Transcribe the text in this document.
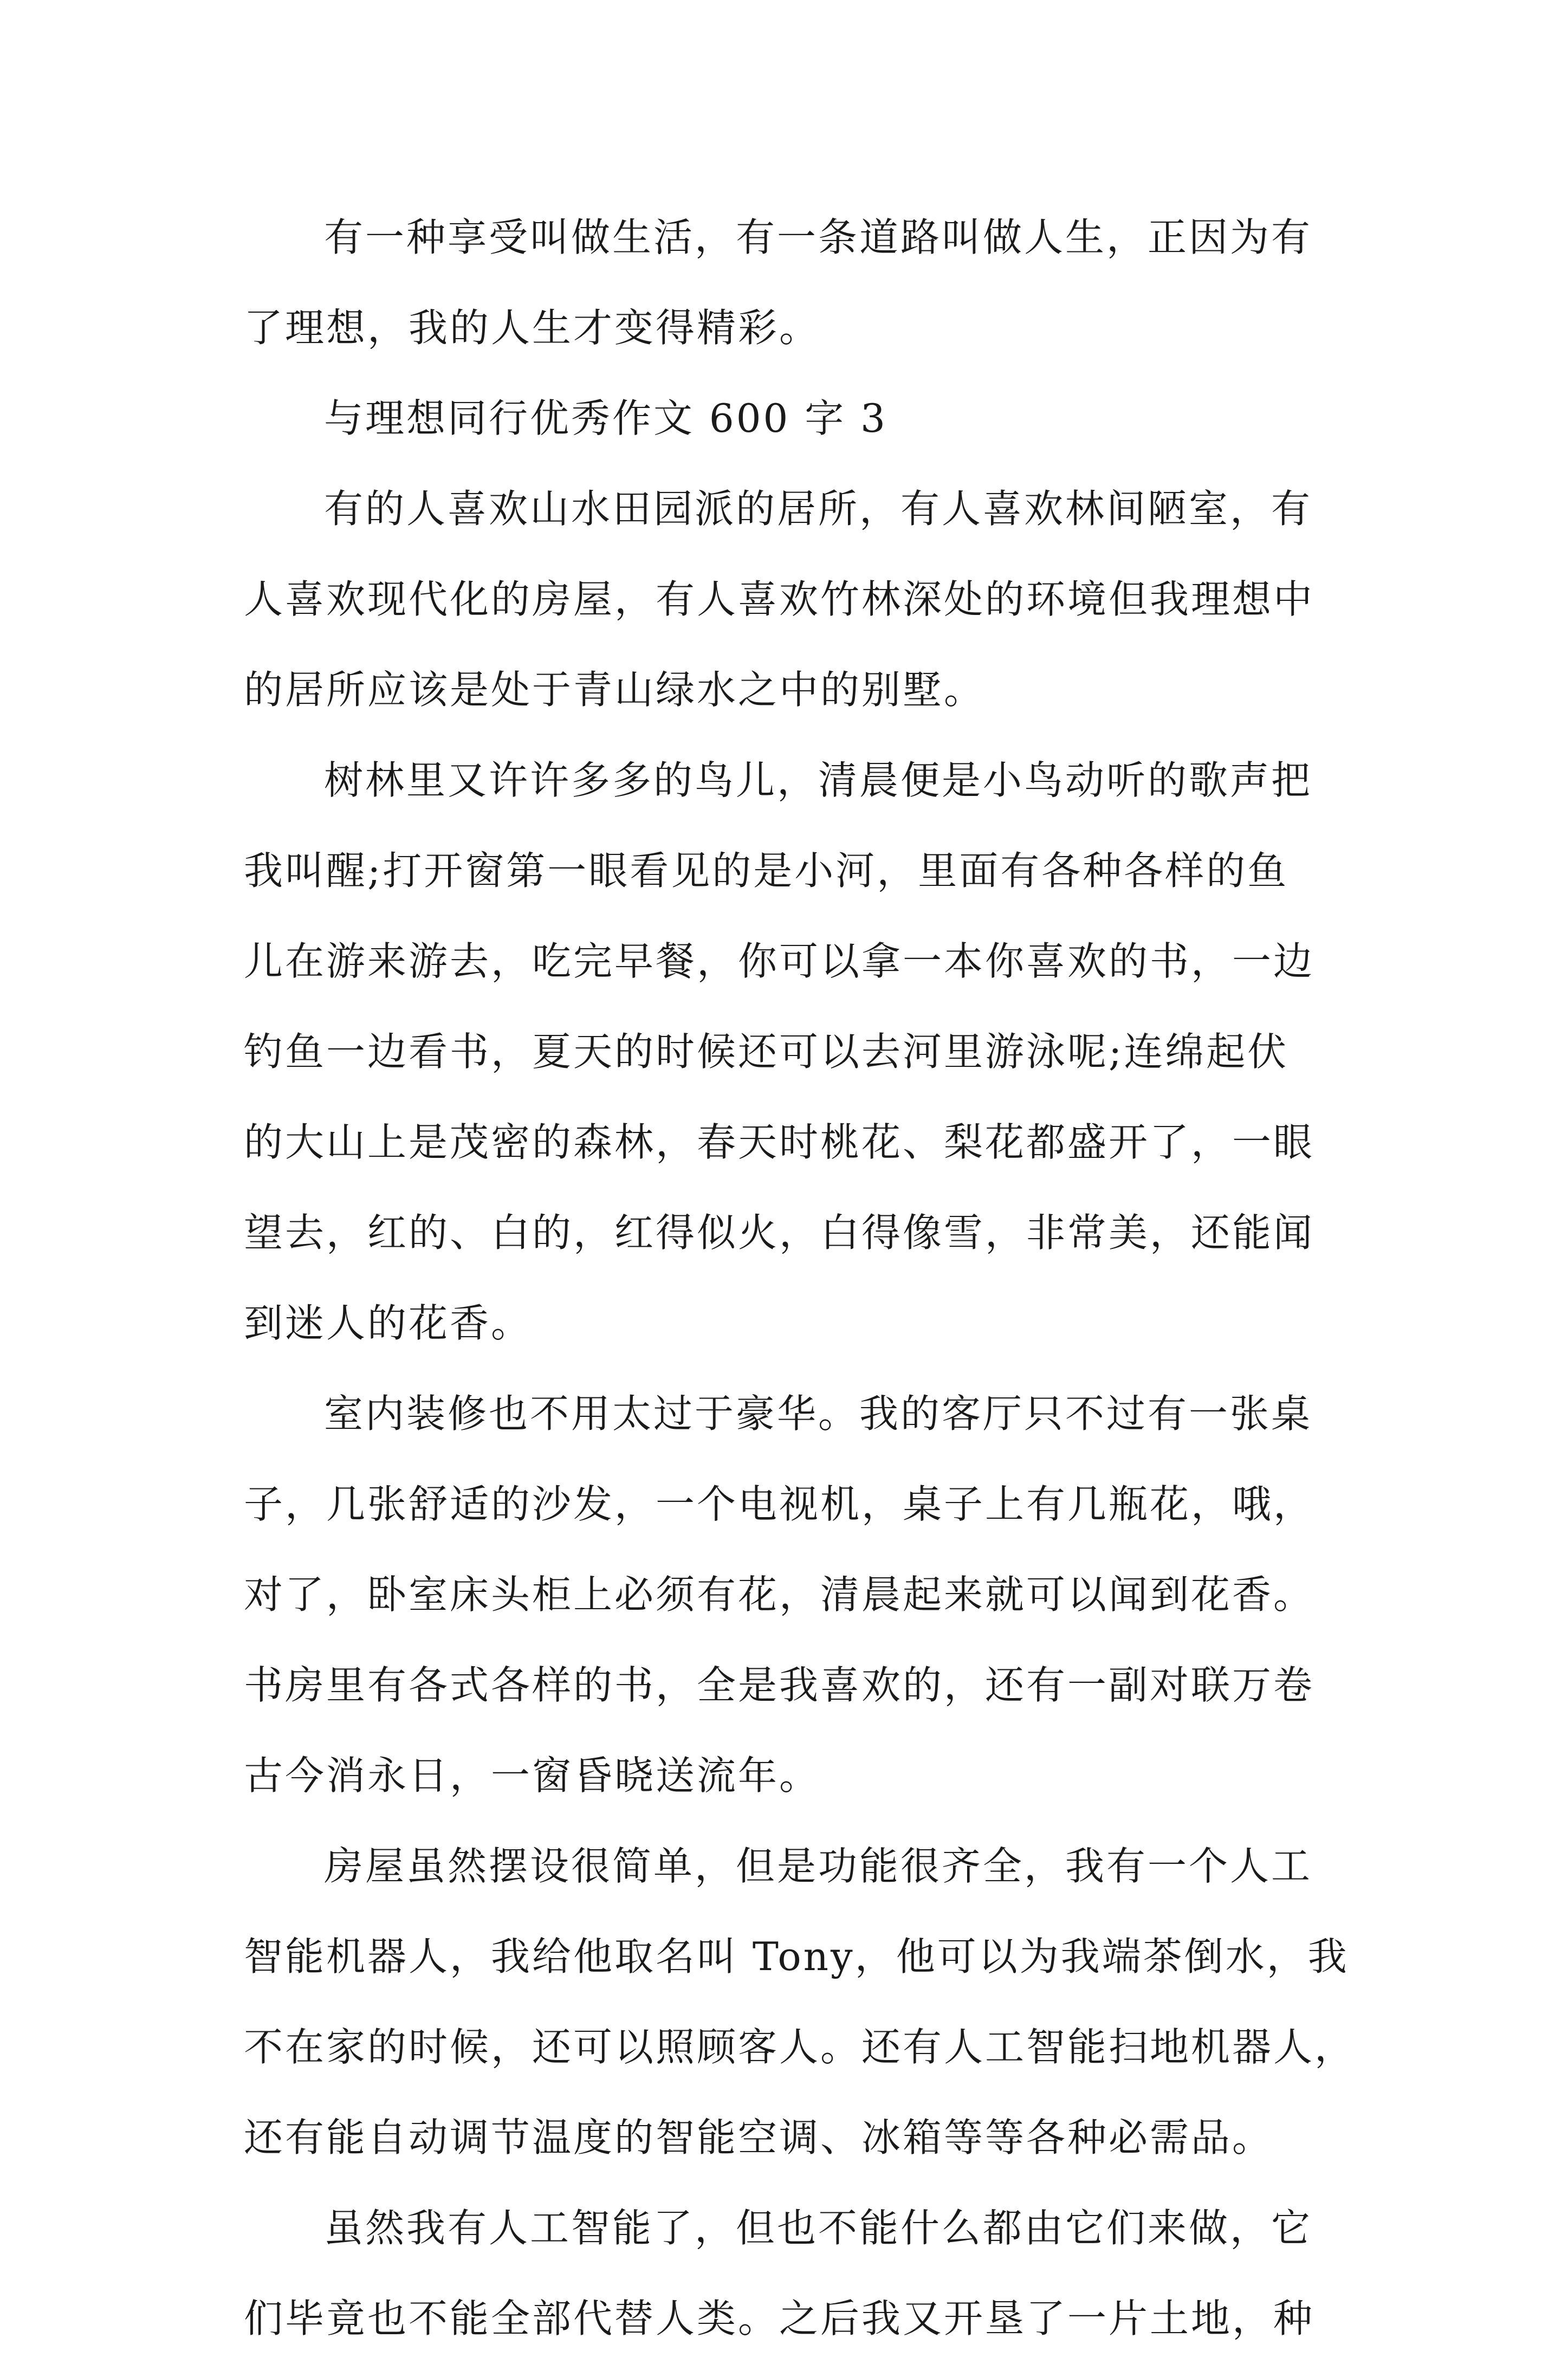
有一种享受叫做生活，有一条道路叫做人生，正因为有
了理想，我的人生才变得精彩。
与理想同行优秀作文 600 字 3
有的人喜欢山水田园派的居所，有人喜欢林间陋室，有
人喜欢现代化的房屋，有人喜欢竹林深处的环境但我理想中
的居所应该是处于青山绿水之中的别墅。
树林里又许许多多的鸟儿，清晨便是小鸟动听的歌声把
我叫醒;打开窗第一眼看见的是小河，里面有各种各样的鱼
儿在游来游去，吃完早餐，你可以拿一本你喜欢的书，一边
钓鱼一边看书，夏天的时候还可以去河里游泳呢;连绵起伏
的大山上是茂密的森林，春天时桃花、梨花都盛开了，一眼
望去，红的、白的，红得似火，白得像雪，非常美，还能闻
到迷人的花香。
室内装修也不用太过于豪华。我的客厅只不过有一张桌
子，几张舒适的沙发，一个电视机，桌子上有几瓶花，哦，
对了，卧室床头柜上必须有花，清晨起来就可以闻到花香。
书房里有各式各样的书，全是我喜欢的，还有一副对联万卷
古今消永日，一窗昏晓送流年。
房屋虽然摆设很简单，但是功能很齐全，我有一个人工
智能机器人，我给他取名叫 Tony，他可以为我端茶倒水，我
不在家的时候，还可以照顾客人。还有人工智能扫地机器人，
还有能自动调节温度的智能空调、冰箱等等各种必需品。
虽然我有人工智能了，但也不能什么都由它们来做，它
们毕竟也不能全部代替人类。之后我又开垦了一片土地，种
